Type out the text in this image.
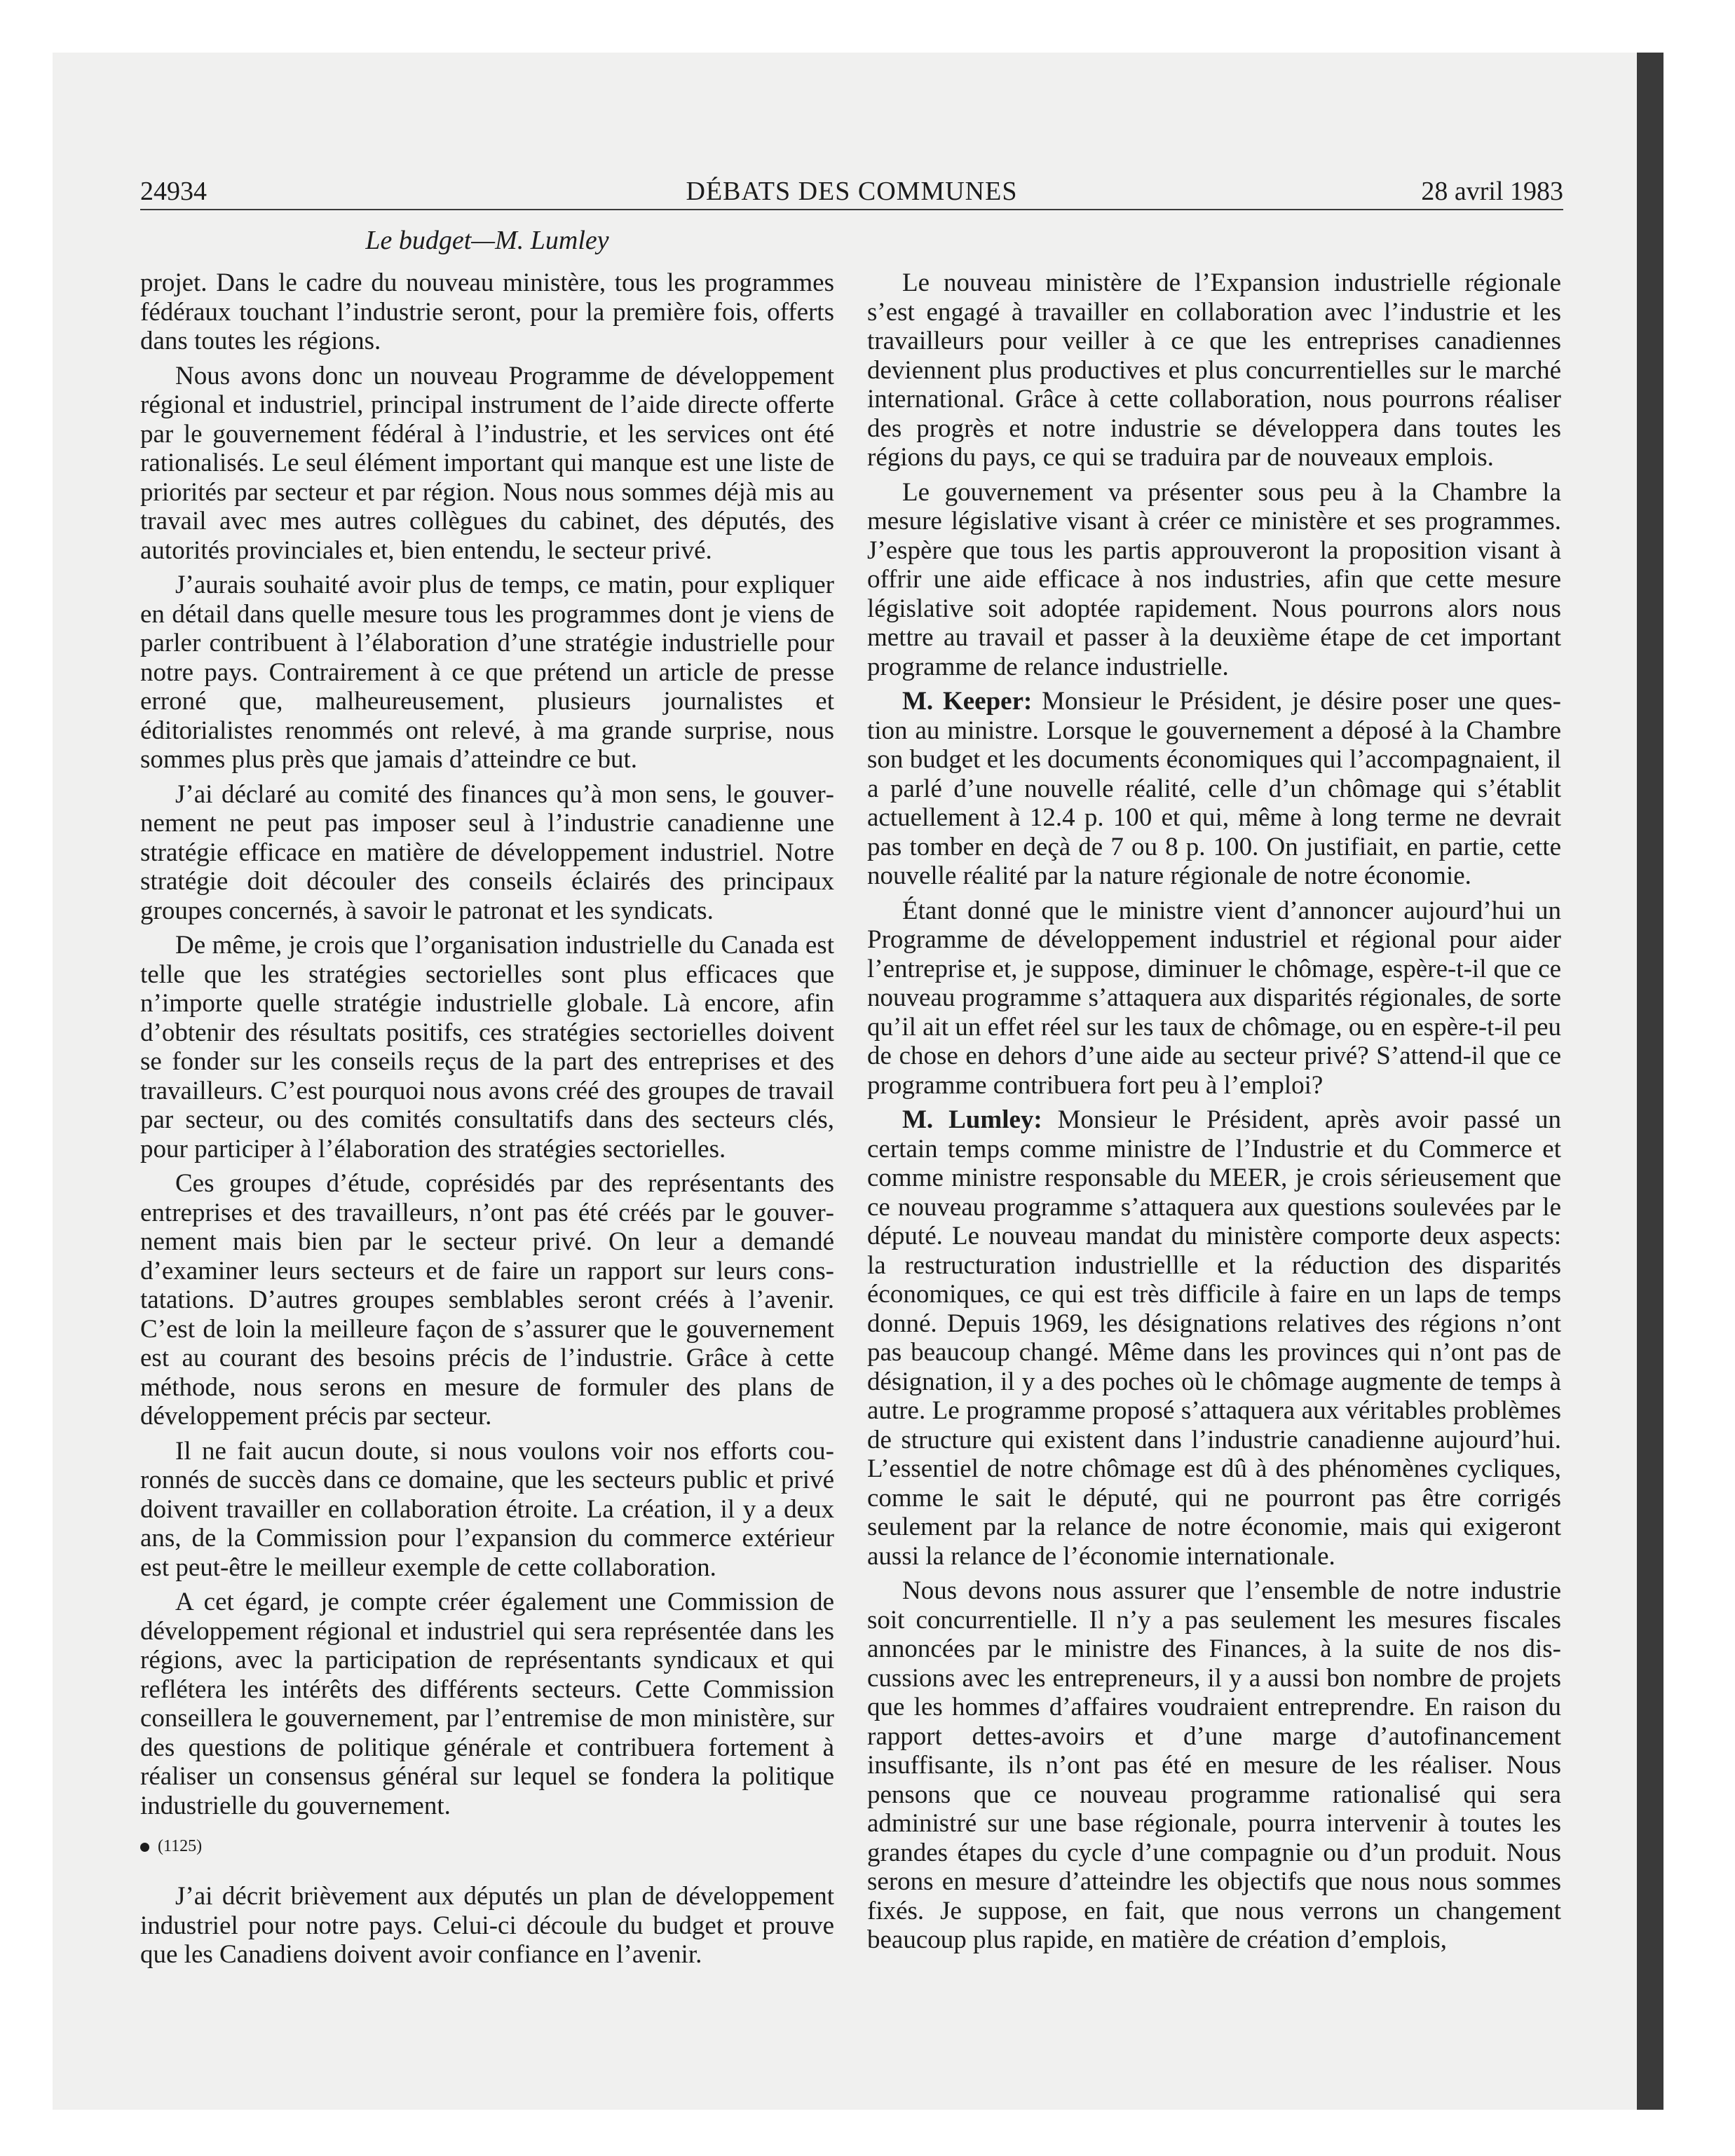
24934	DÉBATS DES COMMUNES	28 avril 1983
Le budget—M. Lumley

projet. Dans le cadre du nouveau ministère, tous les programmes fédéraux touchant l’industrie seront, pour la première fois, offerts dans toutes les régions.

Nous avons donc un nouveau Programme de développement régional et industriel, principal instrument de l’aide directe offerte par le gouvernement fédéral à l’industrie, et les services ont été rationalisés. Le seul élément important qui manque est une liste de priorités par secteur et par région. Nous nous sommes déjà mis au travail avec mes autres collègues du cabinet, des députés, des autorités provinciales et, bien entendu, le secteur privé.

J’aurais souhaité avoir plus de temps, ce matin, pour expliquer en détail dans quelle mesure tous les programmes dont je viens de parler contribuent à l’élaboration d’une stratégie industrielle pour notre pays. Contrairement à ce que prétend un article de presse erroné que, malheureusement, plusieurs journalistes et éditorialistes renommés ont relevé, à ma grande surprise, nous sommes plus près que jamais d’atteindre ce but.

J’ai déclaré au comité des finances qu’à mon sens, le gouvernement ne peut pas imposer seul à l’industrie canadienne une stratégie efficace en matière de développement industriel. Notre stratégie doit découler des conseils éclairés des principaux groupes concernés, à savoir le patronat et les syndicats.

De même, je crois que l’organisation industrielle du Canada est telle que les stratégies sectorielles sont plus efficaces que n’importe quelle stratégie industrielle globale. Là encore, afin d’obtenir des résultats positifs, ces stratégies sectorielles doivent se fonder sur les conseils reçus de la part des entreprises et des travailleurs. C’est pourquoi nous avons créé des groupes de travail par secteur, ou des comités consultatifs dans des secteurs clés, pour participer à l’élaboration des stratégies sectorielles.

Ces groupes d’étude, coprésidés par des représentants des entreprises et des travailleurs, n’ont pas été créés par le gouvernement mais bien par le secteur privé. On leur a demandé d’examiner leurs secteurs et de faire un rapport sur leurs constatations. D’autres groupes semblables seront créés à l’avenir. C’est de loin la meilleure façon de s’assurer que le gouvernement est au courant des besoins précis de l’industrie. Grâce à cette méthode, nous serons en mesure de formuler des plans de développement précis par secteur.

Il ne fait aucun doute, si nous voulons voir nos efforts couronnés de succès dans ce domaine, que les secteurs public et privé doivent travailler en collaboration étroite. La création, il y a deux ans, de la Commission pour l’expansion du commerce extérieur est peut-être le meilleur exemple de cette collaboration.

A cet égard, je compte créer également une Commission de développement régional et industriel qui sera représentée dans les régions, avec la participation de représentants syndicaux et qui reflétera les intérêts des différents secteurs. Cette Commission conseillera le gouvernement, par l’entremise de mon ministère, sur des questions de politique générale et contribuera fortement à réaliser un consensus général sur lequel se fondera la politique industrielle du gouvernement.

(1125)

J’ai décrit brièvement aux députés un plan de développement industriel pour notre pays. Celui-ci découle du budget et prouve que les Canadiens doivent avoir confiance en l’avenir.

Le nouveau ministère de l’Expansion industrielle régionale s’est engagé à travailler en collaboration avec l’industrie et les travailleurs pour veiller à ce que les entreprises canadiennes deviennent plus productives et plus concurrentielles sur le marché international. Grâce à cette collaboration, nous pourrons réaliser des progrès et notre industrie se développera dans toutes les régions du pays, ce qui se traduira par de nouveaux emplois.

Le gouvernement va présenter sous peu à la Chambre la mesure législative visant à créer ce ministère et ses programmes. J’espère que tous les partis approuveront la proposition visant à offrir une aide efficace à nos industries, afin que cette mesure législative soit adoptée rapidement. Nous pourrons alors nous mettre au travail et passer à la deuxième étape de cet important programme de relance industrielle.

M. Keeper: Monsieur le Président, je désire poser une question au ministre. Lorsque le gouvernement a déposé à la Chambre son budget et les documents économiques qui l’accompagnaient, il a parlé d’une nouvelle réalité, celle d’un chômage qui s’établit actuellement à 12.4 p. 100 et qui, même à long terme ne devrait pas tomber en deçà de 7 ou 8 p. 100. On justifiait, en partie, cette nouvelle réalité par la nature régionale de notre économie.

Étant donné que le ministre vient d’annoncer aujourd’hui un Programme de développement industriel et régional pour aider l’entreprise et, je suppose, diminuer le chômage, espère-t-il que ce nouveau programme s’attaquera aux disparités régionales, de sorte qu’il ait un effet réel sur les taux de chômage, ou en espère-t-il peu de chose en dehors d’une aide au secteur privé? S’attend-il que ce programme contribuera fort peu à l’emploi?

M. Lumley: Monsieur le Président, après avoir passé un certain temps comme ministre de l’Industrie et du Commerce et comme ministre responsable du MEER, je crois sérieusement que ce nouveau programme s’attaquera aux questions soulevées par le député. Le nouveau mandat du ministère comporte deux aspects: la restructuration industriellle et la réduction des disparités économiques, ce qui est très difficile à faire en un laps de temps donné. Depuis 1969, les désignations relatives des régions n’ont pas beaucoup changé. Même dans les provinces qui n’ont pas de désignation, il y a des poches où le chômage augmente de temps à autre. Le programme proposé s’attaquera aux véritables problèmes de structure qui existent dans l’industrie canadienne aujourd’hui. L’essentiel de notre chômage est dû à des phénomènes cycliques, comme le sait le député, qui ne pourront pas être corrigés seulement par la relance de notre économie, mais qui exigeront aussi la relance de l’économie internationale.

Nous devons nous assurer que l’ensemble de notre industrie soit concurrentielle. Il n’y a pas seulement les mesures fiscales annoncées par le ministre des Finances, à la suite de nos discussions avec les entrepreneurs, il y a aussi bon nombre de projets que les hommes d’affaires voudraient entreprendre. En raison du rapport dettes-avoirs et d’une marge d’autofinancement insuffisante, ils n’ont pas été en mesure de les réaliser. Nous pensons que ce nouveau programme rationalisé qui sera administré sur une base régionale, pourra intervenir à toutes les grandes étapes du cycle d’une compagnie ou d’un produit. Nous serons en mesure d’atteindre les objectifs que nous nous sommes fixés. Je suppose, en fait, que nous verrons un changement beaucoup plus rapide, en matière de création d’emplois,
